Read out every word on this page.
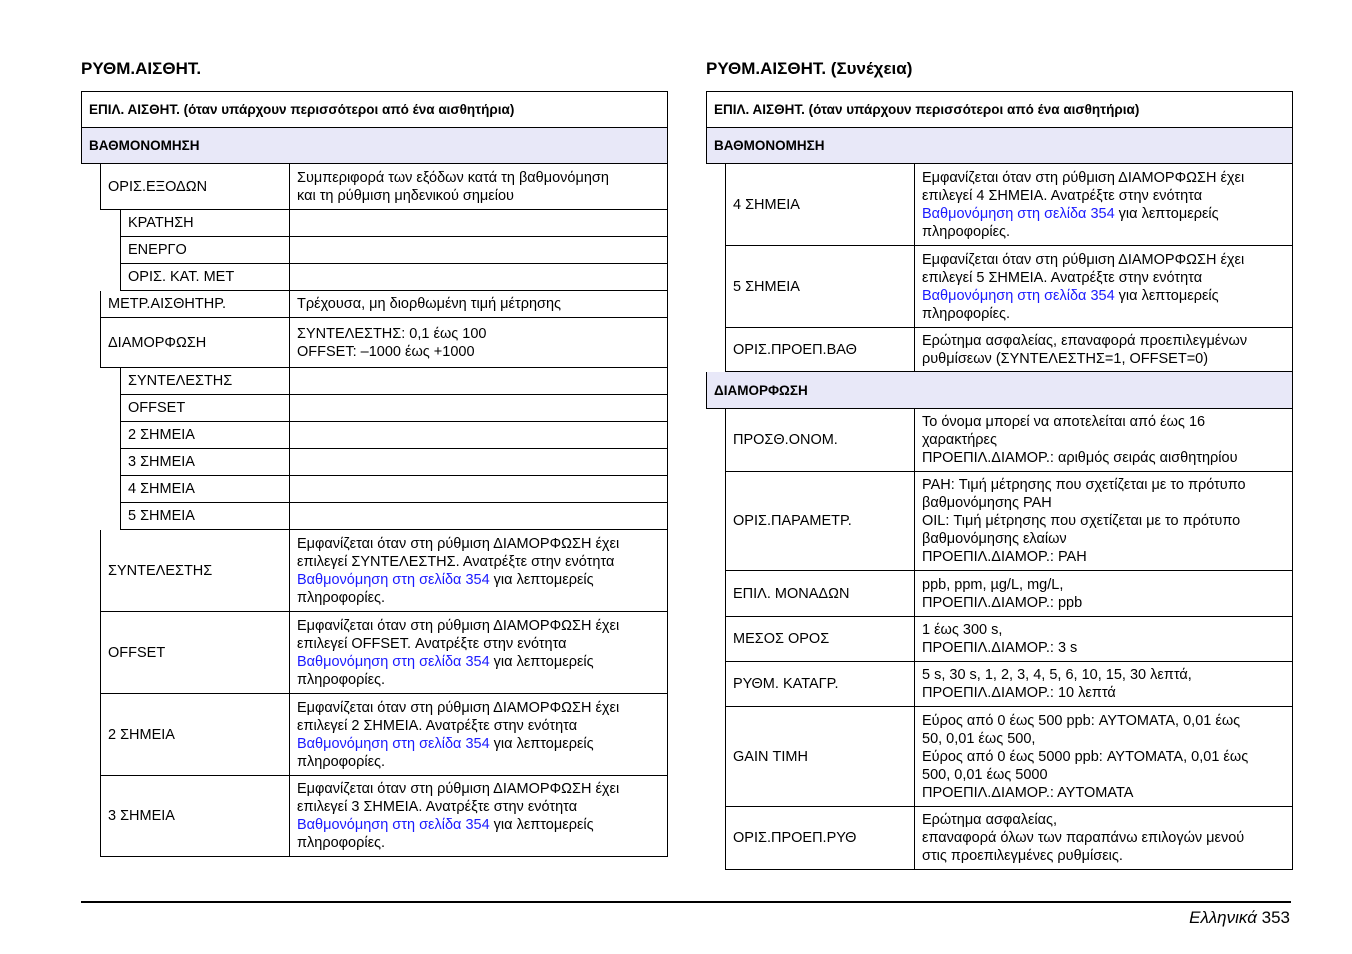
ΡΥΘΜ.ΑΙΣΘΗΤ.
ΕΠΙΛ. ΑΙΣΘΗΤ. (όταν υπάρχουν περισσότεροι από ένα αισθητήρια)
ΒΑΘΜΟΝΟΜΗΣΗ
ΟΡΙΣ.ΕΞΟΔΩΝ

Συμπεριφορά των εξόδων κατά τη βαθμονόμηση

και τη ρύθμιση μηδενικού σημείου

ΚΡΑΤΗΣΗ
ΕΝΕΡΓΟ
ΟΡΙΣ. ΚΑΤ. ΜΕΤ
ΜΕΤΡ.ΑΙΣΘΗΤΗΡ.	Τρέχουσα, μη διορθωμένη τιμή μέτρησης

ΔΙΑΜΟΡΦΩΣΗ

ΣΥΝΤΕΛΕΣΤΗΣ: 0,1 έως 100

OFFSET: –1000 έως +1000

ΣΥΝΤΕΛΕΣΤΗΣ
OFFSET
2 ΣΗΜΕΙΑ
3 ΣΗΜΕΙΑ
4 ΣΗΜΕΙΑ
5 ΣΗΜΕΙΑ
ΣΥΝΤΕΛΕΣΤΗΣ

Εμφανίζεται όταν στη ρύθμιση ΔΙΑΜΟΡΦΩΣΗ έχει

επιλεγεί ΣΥΝΤΕΛΕΣΤΗΣ. Ανατρέξτε στην ενότητα

Βαθμονόμηση στη σελίδα 354 για λεπτομερείς

πληροφορίες.

OFFSET

Εμφανίζεται όταν στη ρύθμιση ΔΙΑΜΟΡΦΩΣΗ έχει

επιλεγεί OFFSET. Ανατρέξτε στην ενότητα

Βαθμονόμηση στη σελίδα 354 για λεπτομερείς

πληροφορίες.

2 ΣΗΜΕΙΑ

Εμφανίζεται όταν στη ρύθμιση ΔΙΑΜΟΡΦΩΣΗ έχει

επιλεγεί 2 ΣΗΜΕΙΑ. Ανατρέξτε στην ενότητα

Βαθμονόμηση στη σελίδα 354 για λεπτομερείς

πληροφορίες.

3 ΣΗΜΕΙΑ

Εμφανίζεται όταν στη ρύθμιση ΔΙΑΜΟΡΦΩΣΗ έχει

επιλεγεί 3 ΣΗΜΕΙΑ. Ανατρέξτε στην ενότητα

Βαθμονόμηση στη σελίδα 354 για λεπτομερείς

πληροφορίες.

ΡΥΘΜ.ΑΙΣΘΗΤ. (Συνέχεια)
ΕΠΙΛ. ΑΙΣΘΗΤ. (όταν υπάρχουν περισσότεροι από ένα αισθητήρια)
ΒΑΘΜΟΝΟΜΗΣΗ
4 ΣΗΜΕΙΑ

Εμφανίζεται όταν στη ρύθμιση ΔΙΑΜΟΡΦΩΣΗ έχει

επιλεγεί 4 ΣΗΜΕΙΑ. Ανατρέξτε στην ενότητα

Βαθμονόμηση στη σελίδα 354 για λεπτομερείς

πληροφορίες.

5 ΣΗΜΕΙΑ

Εμφανίζεται όταν στη ρύθμιση ΔΙΑΜΟΡΦΩΣΗ έχει

επιλεγεί 5 ΣΗΜΕΙΑ. Ανατρέξτε στην ενότητα

Βαθμονόμηση στη σελίδα 354 για λεπτομερείς

πληροφορίες.

ΟΡΙΣ.ΠΡΟΕΠ.ΒΑΘ

Ερώτημα ασφαλείας, επαναφορά προεπιλεγμένων

ρυθμίσεων (ΣΥΝΤΕΛΕΣΤΗΣ=1, OFFSET=0)

ΔΙΑΜΟΡΦΩΣΗ
ΠΡΟΣΘ.ΟΝΟΜ.

Το όνομα μπορεί να αποτελείται από έως 16

χαρακτήρες

ΠΡΟΕΠΙΛ.ΔΙΑΜΟΡ.: αριθμός σειράς αισθητηρίου

ΟΡΙΣ.ΠΑΡΑΜΕΤΡ.

PAH: Τιμή μέτρησης που σχετίζεται με το πρότυπο

βαθμονόμησης PAH

OIL: Τιμή μέτρησης που σχετίζεται με το πρότυπο

βαθμονόμησης ελαίων

ΠΡΟΕΠΙΛ.ΔΙΑΜΟΡ.: PAH

ΕΠΙΛ. ΜΟΝΑΔΩΝ

ppb, ppm, µg/L, mg/L,

ΠΡΟΕΠΙΛ.ΔΙΑΜΟΡ.: ppb

ΜΕΣΟΣ ΟΡΟΣ

1 έως 300 s,

ΠΡΟΕΠΙΛ.ΔΙΑΜΟΡ.: 3 s

ΡΥΘΜ. ΚΑΤΑΓΡ.

5 s, 30 s, 1, 2, 3, 4, 5, 6, 10, 15, 30 λεπτά,

ΠΡΟΕΠΙΛ.ΔΙΑΜΟΡ.: 10 λεπτά

GAIN ΤΙΜΗ

Εύρος από 0 έως 500 ppb: ΑΥΤΟΜΑΤΑ, 0,01 έως

50, 0,01 έως 500,

Εύρος από 0 έως 5000 ppb: ΑΥΤΟΜΑΤΑ, 0,01 έως

500, 0,01 έως 5000

ΠΡΟΕΠΙΛ.ΔΙΑΜΟΡ.: ΑΥΤΟΜΑΤΑ

ΟΡΙΣ.ΠΡΟΕΠ.ΡΥΘ

Ερώτημα ασφαλείας,

επαναφορά όλων των παραπάνω επιλογών μενού

στις προεπιλεγμένες ρυθμίσεις.

Ελληνικά 353
